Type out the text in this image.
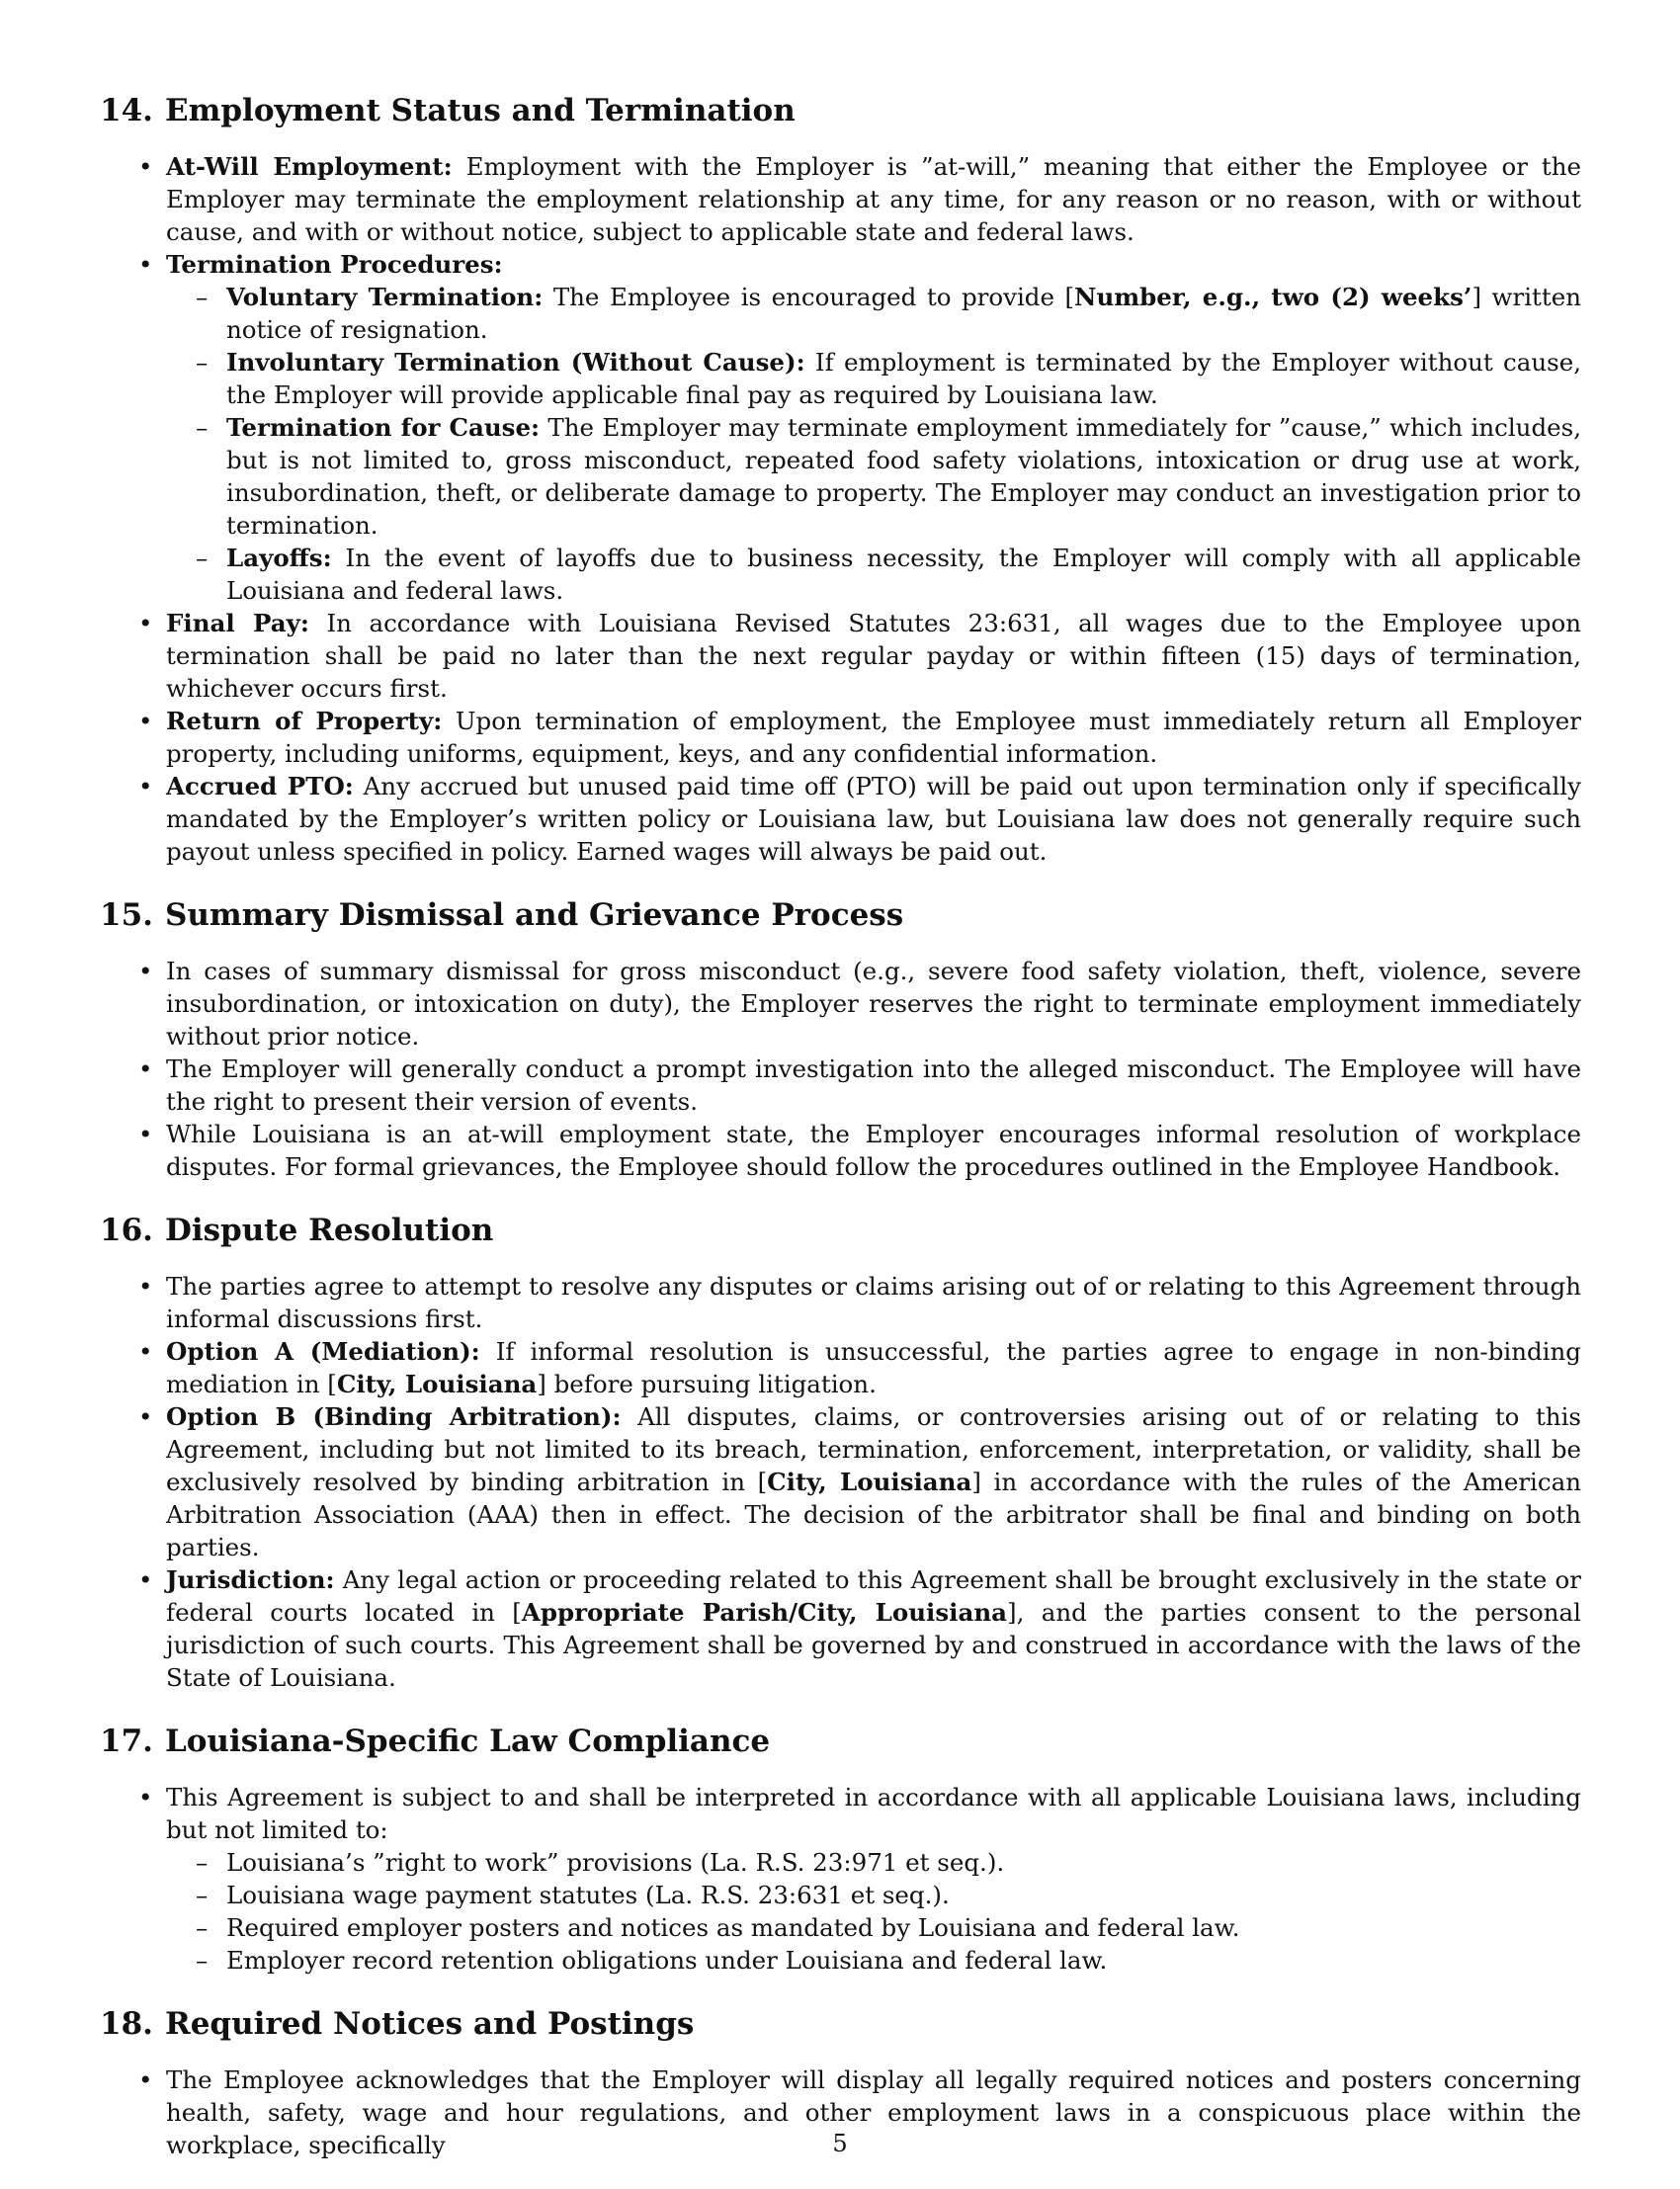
14. Employment Status and Termination
• At-Will Employment: Employment with the Employer is ”at-will,” meaning that either the Employee or the Employer may terminate the employment relationship at any time, for any reason or no reason, with or without cause, and with or without notice, subject to applicable state and federal laws.
• Termination Procedures:
– Voluntary Termination: The Employee is encouraged to provide [Number, e.g., two (2) weeks’] written notice of resignation.
– Involuntary Termination (Without Cause): If employment is terminated by the Employer without cause, the Employer will provide applicable final pay as required by Louisiana law.
– Termination for Cause: The Employer may terminate employment immediately for ”cause,” which includes, but is not limited to, gross misconduct, repeated food safety violations, intoxication or drug use at work, insubordination, theft, or deliberate damage to property. The Employer may conduct an investigation prior to termination.
– Layoffs: In the event of layoffs due to business necessity, the Employer will comply with all applicable Louisiana and federal laws.
• Final Pay: In accordance with Louisiana Revised Statutes 23:631, all wages due to the Employee upon termination shall be paid no later than the next regular payday or within fifteen (15) days of termination, whichever occurs first.
• Return of Property: Upon termination of employment, the Employee must immediately return all Employer property, including uniforms, equipment, keys, and any confidential information.
• Accrued PTO: Any accrued but unused paid time off (PTO) will be paid out upon termination only if specifically mandated by the Employer’s written policy or Louisiana law, but Louisiana law does not generally require such payout unless specified in policy. Earned wages will always be paid out.
15. Summary Dismissal and Grievance Process
• In cases of summary dismissal for gross misconduct (e.g., severe food safety violation, theft, violence, severe insubordination, or intoxication on duty), the Employer reserves the right to terminate employment immediately without prior notice.
• The Employer will generally conduct a prompt investigation into the alleged misconduct. The Employee will have the right to present their version of events.
• While Louisiana is an at-will employment state, the Employer encourages informal resolution of workplace disputes. For formal grievances, the Employee should follow the procedures outlined in the Employee Handbook.
16. Dispute Resolution
• The parties agree to attempt to resolve any disputes or claims arising out of or relating to this Agreement through informal discussions first.
• Option A (Mediation): If informal resolution is unsuccessful, the parties agree to engage in non-binding mediation in [City, Louisiana] before pursuing litigation.
• Option B (Binding Arbitration): All disputes, claims, or controversies arising out of or relating to this Agreement, including but not limited to its breach, termination, enforcement, interpretation, or validity, shall be exclusively resolved by binding arbitration in [City, Louisiana] in accordance with the rules of the American Arbitration Association (AAA) then in effect. The decision of the arbitrator shall be final and binding on both parties.
• Jurisdiction: Any legal action or proceeding related to this Agreement shall be brought exclusively in the state or federal courts located in [Appropriate Parish/City, Louisiana], and the parties consent to the personal jurisdiction of such courts. This Agreement shall be governed by and construed in accordance with the laws of the State of Louisiana.
17. Louisiana-Specific Law Compliance
• This Agreement is subject to and shall be interpreted in accordance with all applicable Louisiana laws, including but not limited to:
– Louisiana’s ”right to work” provisions (La. R.S. 23:971 et seq.).
– Louisiana wage payment statutes (La. R.S. 23:631 et seq.).
– Required employer posters and notices as mandated by Louisiana and federal law.
– Employer record retention obligations under Louisiana and federal law.
18. Required Notices and Postings
• The Employee acknowledges that the Employer will display all legally required notices and posters concerning health, safety, wage and hour regulations, and other employment laws in a conspicuous place within the workplace, specifically	5
